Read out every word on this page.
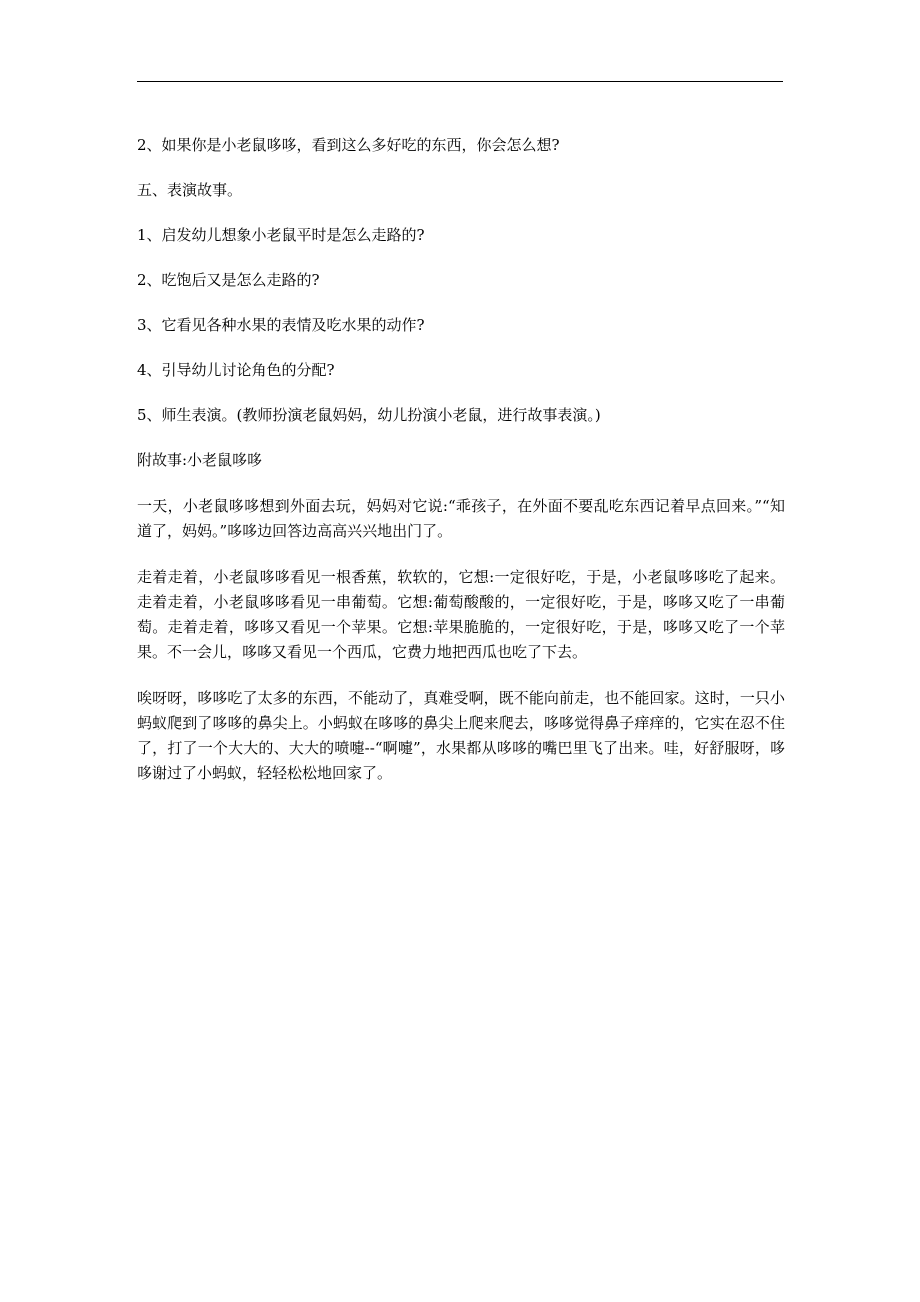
2、如果你是小老鼠哆哆，看到这么多好吃的东西，你会怎么想?

五、表演故事。

1、启发幼儿想象小老鼠平时是怎么走路的?

2、吃饱后又是怎么走路的?

3、它看见各种水果的表情及吃水果的动作?

4、引导幼儿讨论角色的分配?

5、师生表演。(教师扮演老鼠妈妈，幼儿扮演小老鼠，进行故事表演。)

附故事:小老鼠哆哆

一天，小老鼠哆哆想到外面去玩，妈妈对它说:“乖孩子，在外面不要乱吃东西记着早点回来。”“知道了，妈妈。”哆哆边回答边高高兴兴地出门了。

走着走着，小老鼠哆哆看见一根香蕉，软软的，它想:一定很好吃，于是，小老鼠哆哆吃了起来。走着走着，小老鼠哆哆看见一串葡萄。它想:葡萄酸酸的，一定很好吃，于是，哆哆又吃了一串葡萄。走着走着，哆哆又看见一个苹果。它想:苹果脆脆的，一定很好吃，于是，哆哆又吃了一个苹果。不一会儿，哆哆又看见一个西瓜，它费力地把西瓜也吃了下去。

唉呀呀，哆哆吃了太多的东西，不能动了，真难受啊，既不能向前走，也不能回家。这时，一只小蚂蚁爬到了哆哆的鼻尖上。小蚂蚁在哆哆的鼻尖上爬来爬去，哆哆觉得鼻子痒痒的，它实在忍不住了，打了一个大大的、大大的喷嚏--“啊嚏”，水果都从哆哆的嘴巴里飞了出来。哇，好舒服呀，哆哆谢过了小蚂蚁，轻轻松松地回家了。
